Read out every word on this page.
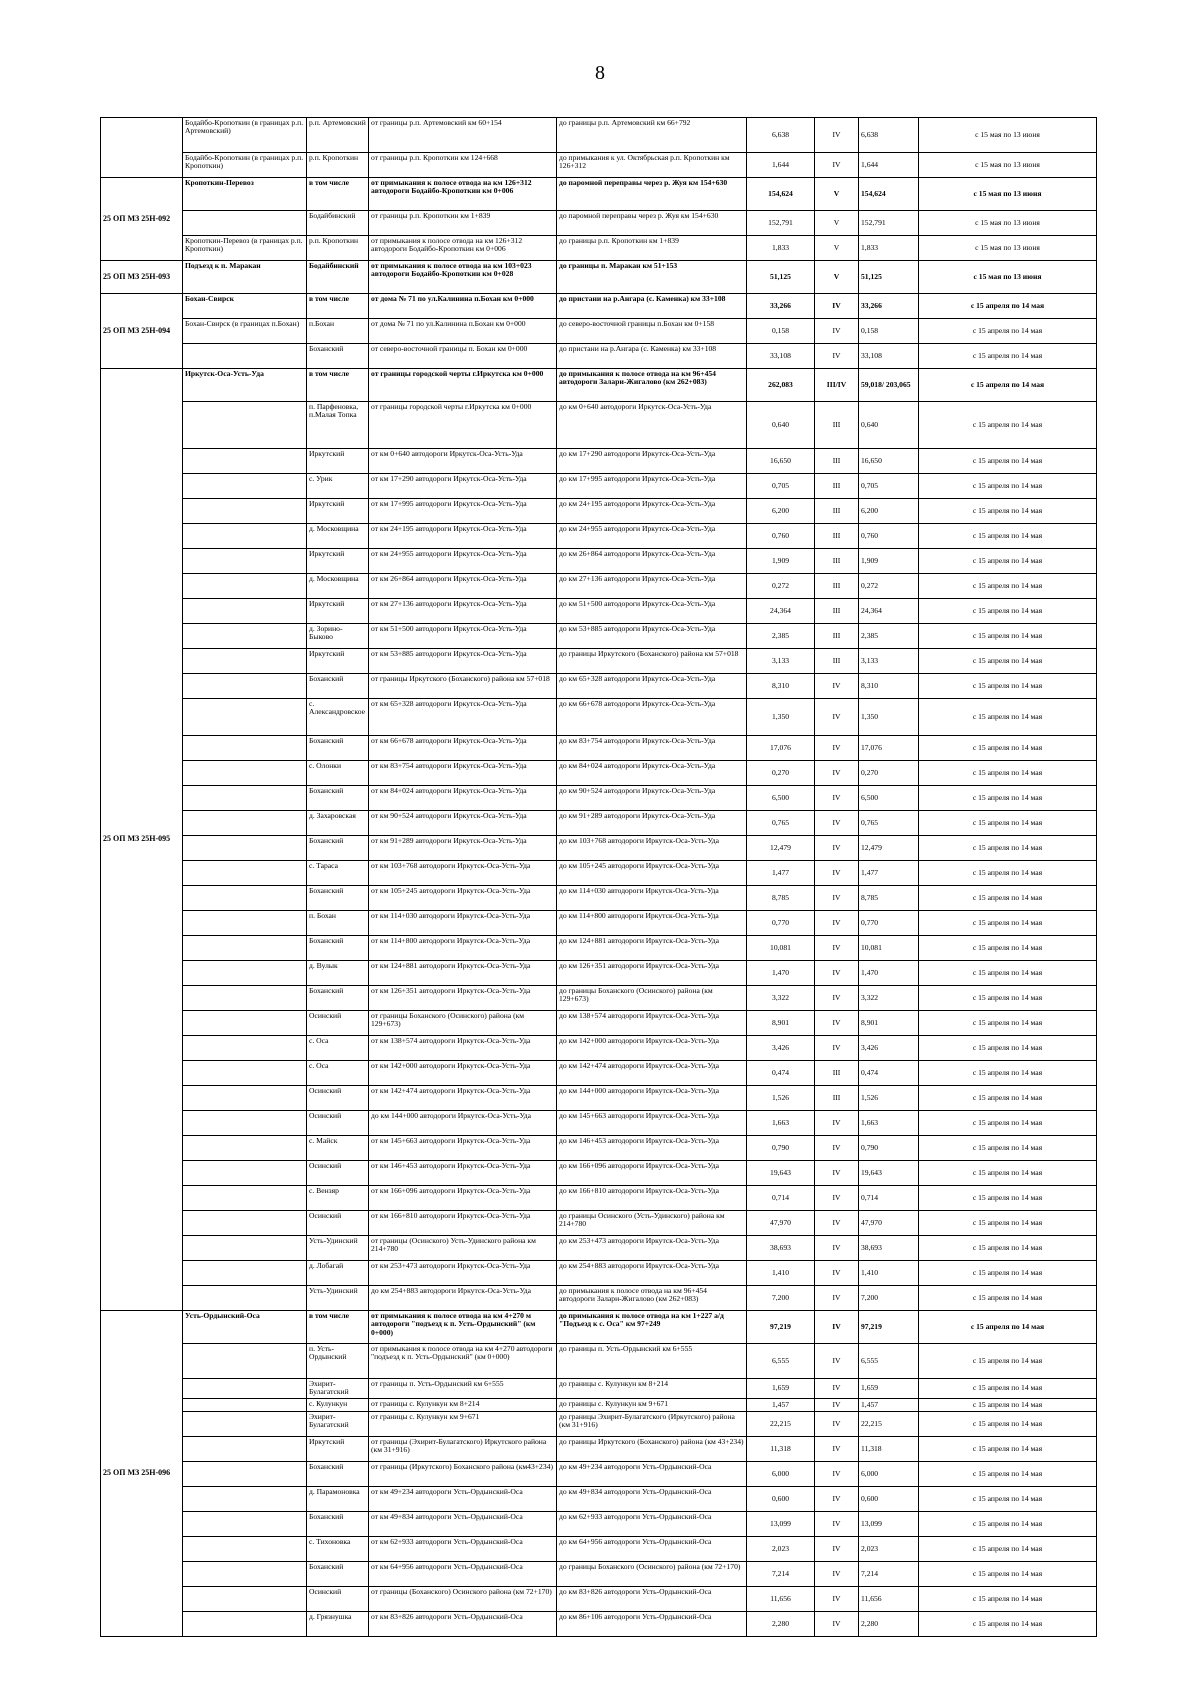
8
	Бодайбо-Кропоткин (в границах р.п. Артемовский)	р.п. Артемовский	от границы р.п. Артемовский км 60+154	до границы р.п. Артемовский км 66+792	6,638	IV	6,638	с 15 мая по 13 июня
	Бодайбо-Кропоткин (в границах р.п. Кропоткин)	р.п. Кропоткин	от границы р.п. Кропоткин км 124+668	до примыкания к ул. Октябрьская р.п. Кропоткин км 126+312	1,644	IV	1,644	с 15 мая по 13 июня
25 ОП МЗ 25Н-092	Кропоткин-Перевоз	в том числе	от примыкания к полосе отвода на км 126+312 автодороги Бодайбо-Кропоткин км 0+006	до паромной переправы через р. Жуя км 154+630	154,624	V	154,624	с 15 мая по 13 июня
		Бодайбинский	от границы р.п. Кропоткин км 1+839	до паромной переправы через р. Жуя км 154+630	152,791	V	152,791	с 15 мая по 13 июня
	Кропоткин-Перевоз (в границах р.п. Кропоткин)	р.п. Кропоткин	от примыкания к полосе отвода на км 126+312 автодороги Бодайбо-Кропоткин км 0+006	до границы р.п. Кропоткин км 1+839	1,833	V	1,833	с 15 мая по 13 июня
25 ОП МЗ 25Н-093	Подъезд к п. Маракан	Бодайбинский	от примыкания к полосе отвода на км 103+023 автодороги Бодайбо-Кропоткин км 0+028	до границы п. Маракан км 51+153	51,125	V	51,125	с 15 мая по 13 июня
25 ОП МЗ 25Н-094	Бохан-Свирск	в том числе	от дома № 71 по ул.Калинина п.Бохан км 0+000	до пристани на р.Ангара (с. Каменка) км 33+108	33,266	IV	33,266	с 15 апреля по 14 мая
	Бохан-Свирск (в границах п.Бохан)	п.Бохан	от дома № 71 по ул.Калинина п.Бохан км 0+000	до северо-восточной границы п.Бохан км 0+158	0,158	IV	0,158	с 15 апреля по 14 мая
		Боханский	от северо-восточной границы п. Бохан км 0+000	до пристани на р.Ангара (с. Каменка) км 33+108	33,108	IV	33,108	с 15 апреля по 14 мая
25 ОП МЗ 25Н-095	Иркутск-Оса-Усть-Уда	в том числе	от границы городской черты г.Иркутска км 0+000	до примыкания к полосе отвода на км 96+454 автодороги Залари-Жигалово (км 262+083)	262,083	III/IV	59,018/ 203,065	с 15 апреля по 14 мая
		п. Парфеновка, п.Малая Топка	от границы городской черты г.Иркутска км 0+000	до км 0+640 автодороги Иркутск-Оса-Усть-Уда	0,640	III	0,640	с 15 апреля по 14 мая
		Иркутский	от км 0+640 автодороги Иркутск-Оса-Усть-Уда	до км 17+290 автодороги Иркутск-Оса-Усть-Уда	16,650	III	16,650	с 15 апреля по 14 мая
		с. Урик	от км 17+290 автодороги Иркутск-Оса-Усть-Уда	до км 17+995 автодороги Иркутск-Оса-Усть-Уда	0,705	III	0,705	с 15 апреля по 14 мая
		Иркутский	от км 17+995 автодороги Иркутск-Оса-Усть-Уда	до км 24+195 автодороги Иркутск-Оса-Усть-Уда	6,200	III	6,200	с 15 апреля по 14 мая
		д. Московщина	от км 24+195 автодороги Иркутск-Оса-Усть-Уда	до км 24+955 автодороги Иркутск-Оса-Усть-Уда	0,760	III	0,760	с 15 апреля по 14 мая
		Иркутский	от км 24+955 автодороги Иркутск-Оса-Усть-Уда	до км 26+864 автодороги Иркутск-Оса-Усть-Уда	1,909	III	1,909	с 15 апреля по 14 мая
		д. Московщина	от км 26+864 автодороги Иркутск-Оса-Усть-Уда	до км 27+136 автодороги Иркутск-Оса-Усть-Уда	0,272	III	0,272	с 15 апреля по 14 мая
		Иркутский	от км 27+136 автодороги Иркутск-Оса-Усть-Уда	до км 51+500 автодороги Иркутск-Оса-Усть-Уда	24,364	III	24,364	с 15 апреля по 14 мая
		д. Зорино- Быково	от км 51+500 автодороги Иркутск-Оса-Усть-Уда	до км 53+885 автодороги Иркутск-Оса-Усть-Уда	2,385	III	2,385	с 15 апреля по 14 мая
		Иркутский	от км 53+885 автодороги Иркутск-Оса-Усть-Уда	до границы Иркутского (Боханского) района км 57+018	3,133	III	3,133	с 15 апреля по 14 мая
		Боханский	от границы Иркутского (Боханского) района км 57+018	до км 65+328 автодороги Иркутск-Оса-Усть-Уда	8,310	IV	8,310	с 15 апреля по 14 мая
		с. Александровское	от км 65+328 автодороги Иркутск-Оса-Усть-Уда	до км 66+678 автодороги Иркутск-Оса-Усть-Уда	1,350	IV	1,350	с 15 апреля по 14 мая
		Боханский	от км 66+678 автодороги Иркутск-Оса-Усть-Уда	до км 83+754 автодороги Иркутск-Оса-Усть-Уда	17,076	IV	17,076	с 15 апреля по 14 мая
		с. Олонки	от км 83+754 автодороги Иркутск-Оса-Усть-Уда	до км 84+024 автодороги Иркутск-Оса-Усть-Уда	0,270	IV	0,270	с 15 апреля по 14 мая
		Боханский	от км 84+024 автодороги Иркутск-Оса-Усть-Уда	до км 90+524 автодороги Иркутск-Оса-Усть-Уда	6,500	IV	6,500	с 15 апреля по 14 мая
		д. Захаровская	от км 90+524 автодороги Иркутск-Оса-Усть-Уда	до км 91+289 автодороги Иркутск-Оса-Усть-Уда	0,765	IV	0,765	с 15 апреля по 14 мая
		Боханский	от км 91+289 автодороги Иркутск-Оса-Усть-Уда	до км 103+768 автодороги Иркутск-Оса-Усть-Уда	12,479	IV	12,479	с 15 апреля по 14 мая
		с. Тараса	от км 103+768 автодороги Иркутск-Оса-Усть-Уда	до км 105+245 автодороги Иркутск-Оса-Усть-Уда	1,477	IV	1,477	с 15 апреля по 14 мая
		Боханский	от км 105+245 автодороги Иркутск-Оса-Усть-Уда	до км 114+030 автодороги Иркутск-Оса-Усть-Уда	8,785	IV	8,785	с 15 апреля по 14 мая
		п. Бохан	от км 114+030 автодороги Иркутск-Оса-Усть-Уда	до км 114+800 автодороги Иркутск-Оса-Усть-Уда	0,770	IV	0,770	с 15 апреля по 14 мая
		Боханский	от км 114+800 автодороги Иркутск-Оса-Усть-Уда	до км 124+881 автодороги Иркутск-Оса-Усть-Уда	10,081	IV	10,081	с 15 апреля по 14 мая
		д. Вулык	от км 124+881 автодороги Иркутск-Оса-Усть-Уда	до км 126+351 автодороги Иркутск-Оса-Усть-Уда	1,470	IV	1,470	с 15 апреля по 14 мая
		Боханский	от км 126+351 автодороги Иркутск-Оса-Усть-Уда	до границы Боханского (Осинского) района (км 129+673)	3,322	IV	3,322	с 15 апреля по 14 мая
		Осинский	от границы Боханского (Осинского) района (км 129+673)	до км 138+574 автодороги Иркутск-Оса-Усть-Уда	8,901	IV	8,901	с 15 апреля по 14 мая
		с. Оса	от км 138+574 автодороги Иркутск-Оса-Усть-Уда	до км 142+000 автодороги Иркутск-Оса-Усть-Уда	3,426	IV	3,426	с 15 апреля по 14 мая
		с. Оса	от км 142+000 автодороги Иркутск-Оса-Усть-Уда	до км 142+474 автодороги Иркутск-Оса-Усть-Уда	0,474	III	0,474	с 15 апреля по 14 мая
		Осинский	от км 142+474 автодороги Иркутск-Оса-Усть-Уда	до км 144+000 автодороги Иркутск-Оса-Усть-Уда	1,526	III	1,526	с 15 апреля по 14 мая
		Осинский	до км 144+000 автодороги Иркутск-Оса-Усть-Уда	до км 145+663 автодороги Иркутск-Оса-Усть-Уда	1,663	IV	1,663	с 15 апреля по 14 мая
		с. Майск	от км 145+663 автодороги Иркутск-Оса-Усть-Уда	до км 146+453 автодороги Иркутск-Оса-Усть-Уда	0,790	IV	0,790	с 15 апреля по 14 мая
		Осинский	от км 146+453 автодороги Иркутск-Оса-Усть-Уда	до км 166+096 автодороги Иркутск-Оса-Усть-Уда	19,643	IV	19,643	с 15 апреля по 14 мая
		с. Вензяр	от км 166+096 автодороги Иркутск-Оса-Усть-Уда	до км 166+810 автодороги Иркутск-Оса-Усть-Уда	0,714	IV	0,714	с 15 апреля по 14 мая
		Осинский	от км 166+810 автодороги Иркутск-Оса-Усть-Уда	до границы Осинского (Усть-Удинского) района км 214+780	47,970	IV	47,970	с 15 апреля по 14 мая
		Усть-Удинский	от границы (Осинского) Усть-Удинского района км 214+780	до км 253+473 автодороги Иркутск-Оса-Усть-Уда	38,693	IV	38,693	с 15 апреля по 14 мая
		д. Лобагай	от км 253+473 автодороги Иркутск-Оса-Усть-Уда	до км 254+883 автодороги Иркутск-Оса-Усть-Уда	1,410	IV	1,410	с 15 апреля по 14 мая
		Усть-Удинский	до км 254+883 автодороги Иркутск-Оса-Усть-Уда	до примыкания к полосе отвода на км 96+454 автодороги Залари-Жигалово (км 262+083)	7,200	IV	7,200	с 15 апреля по 14 мая
25 ОП МЗ 25Н-096	Усть-Ордынский-Оса	в том числе	от примыкания к полосе отвода на км 4+270 м автодороги "подъезд к п. Усть-Ордынский" (км 0+000)	до примыкания к полосе отвода на км 1+227 а/д "Подъезд к с. Оса" км 97+249	97,219	IV	97,219	с 15 апреля по 14 мая
		п. Усть-Ордынский	от примыкания к полосе отвода на км 4+270 автодороги "подъезд к п. Усть-Ордынский" (км 0+000)	до границы п. Усть-Ордынский км 6+555	6,555	IV	6,555	с 15 апреля по 14 мая
		Эхирит-Булагатский	от границы п. Усть-Ордынский км 6+555	до границы с. Кулункун км 8+214	1,659	IV	1,659	с 15 апреля по 14 мая
		с. Кулункун	от границы с. Кулункун км 8+214	до границы с. Кулункун км 9+671	1,457	IV	1,457	с 15 апреля по 14 мая
		Эхирит-Булагатский	от границы с. Кулункун км 9+671	до границы Эхирит-Булагатского (Иркутского) района (км 31+916)	22,215	IV	22,215	с 15 апреля по 14 мая
		Иркутский	от границы (Эхирит-Булагатского) Иркутского района (км 31+916)	до границы Иркутского (Боханского) района (км 43+234)	11,318	IV	11,318	с 15 апреля по 14 мая
		Боханский	от границы (Иркутского) Боханского района (км43+234)	до км 49+234 автодороги Усть-Ордынский-Оса	6,000	IV	6,000	с 15 апреля по 14 мая
		д. Парамоновка	от км 49+234 автодороги Усть-Ордынский-Оса	до км 49+834 автодороги Усть-Ордынский-Оса	0,600	IV	0,600	с 15 апреля по 14 мая
		Боханский	от км 49+834 автодороги Усть-Ордынский-Оса	до км 62+933 автодороги Усть-Ордынский-Оса	13,099	IV	13,099	с 15 апреля по 14 мая
		с. Тихоновка	от км 62+933 автодороги Усть-Ордынский-Оса	до км 64+956 автодороги Усть-Ордынский-Оса	2,023	IV	2,023	с 15 апреля по 14 мая
		Боханский	от км 64+956 автодороги Усть-Ордынский-Оса	до границы Боханского (Осинского) района (км 72+170)	7,214	IV	7,214	с 15 апреля по 14 мая
		Осинский	от границы (Боханского) Осинского района (км 72+170)	до км 83+826 автодороги Усть-Ордынский-Оса	11,656	IV	11,656	с 15 апреля по 14 мая
		д. Грязнушка	от км 83+826 автодороги Усть-Ордынский-Оса	до км 86+106 автодороги Усть-Ордынский-Оса	2,280	IV	2,280	с 15 апреля по 14 мая
